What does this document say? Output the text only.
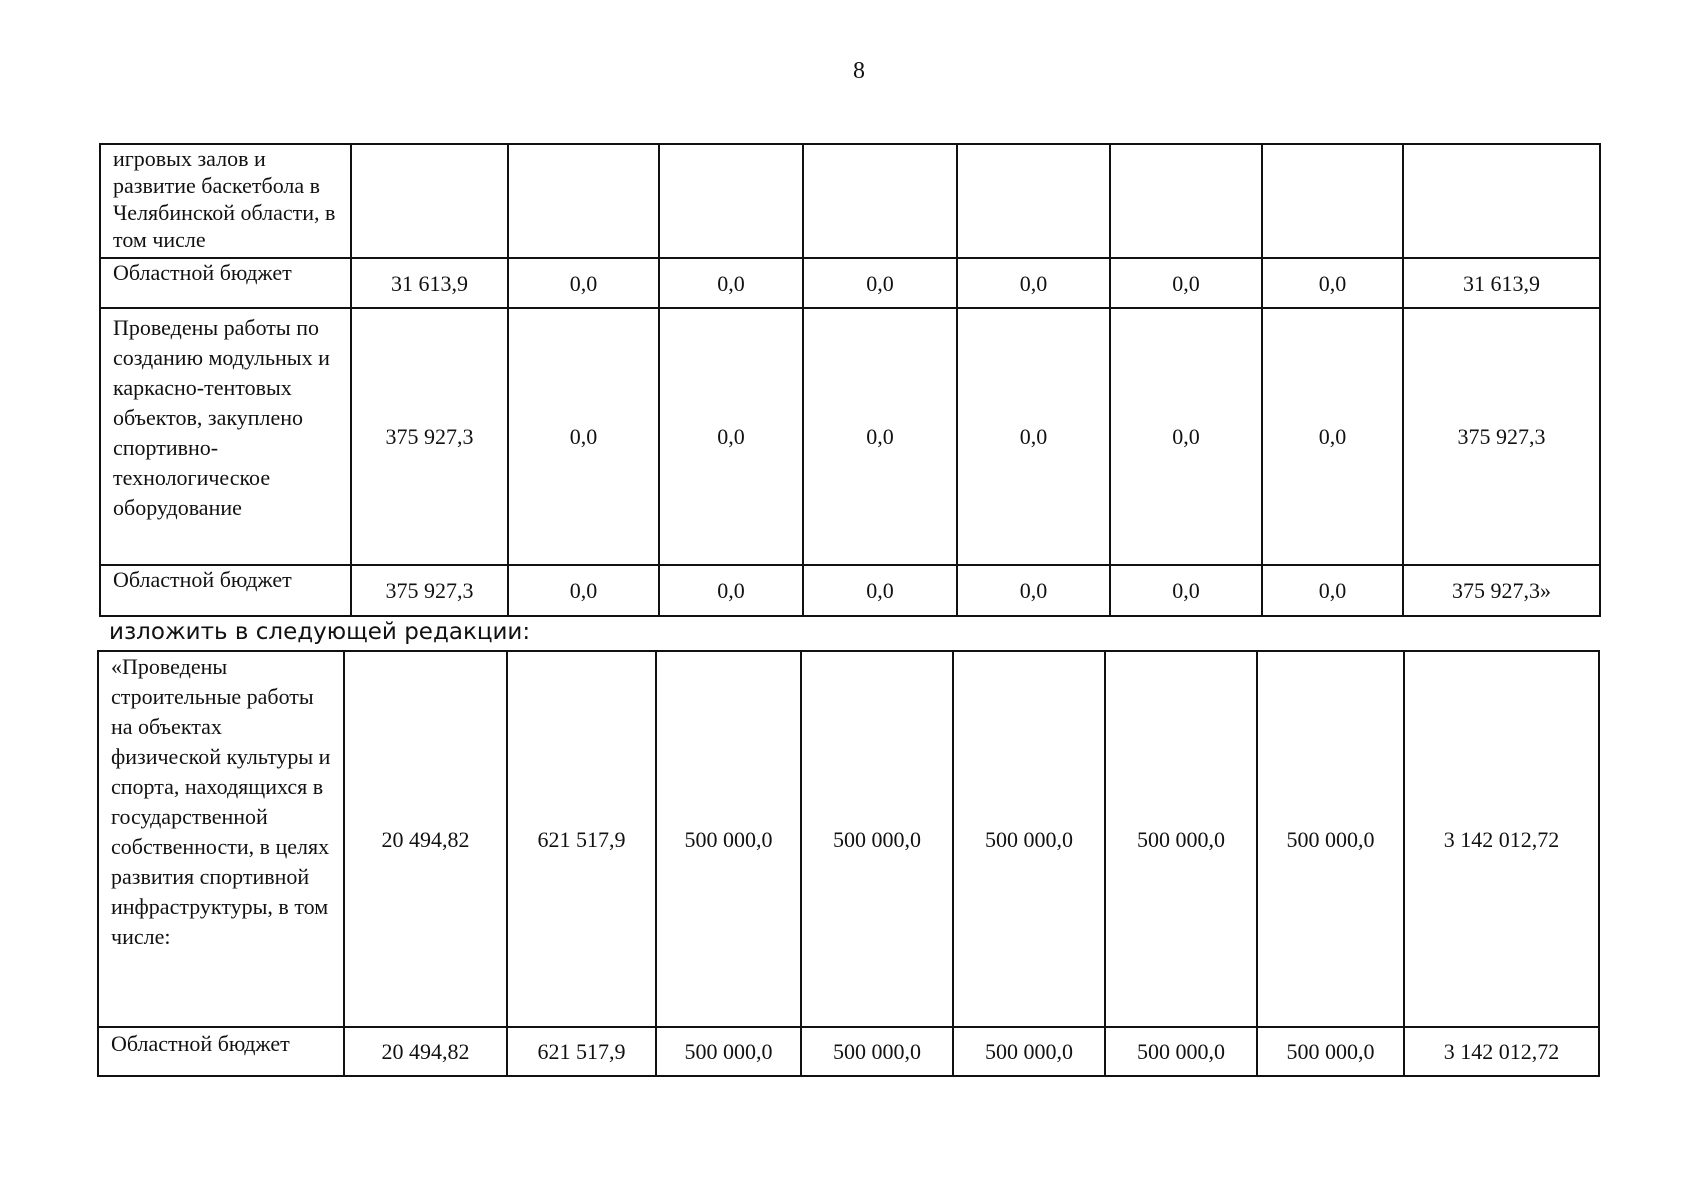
8
игровых залов и развитие баскетбола в Челябинской области, в том числе								
Областной бюджет	31 613,9	0,0	0,0	0,0	0,0	0,0	0,0	31 613,9
Проведены работы по созданию модульных и каркасно-тентовых объектов, закуплено спортивно-технологическое оборудование	375 927,3	0,0	0,0	0,0	0,0	0,0	0,0	375 927,3
Областной бюджет	375 927,3	0,0	0,0	0,0	0,0	0,0	0,0	375 927,3»
изложить в следующей редакции:
«Проведены строительные работы на объектах физической культуры и спорта, находящихся в государственной собственности, в целях развития спортивной инфраструктуры, в том числе:	20 494,82	621 517,9	500 000,0	500 000,0	500 000,0	500 000,0	500 000,0	3 142 012,72
Областной бюджет	20 494,82	621 517,9	500 000,0	500 000,0	500 000,0	500 000,0	500 000,0	3 142 012,72
